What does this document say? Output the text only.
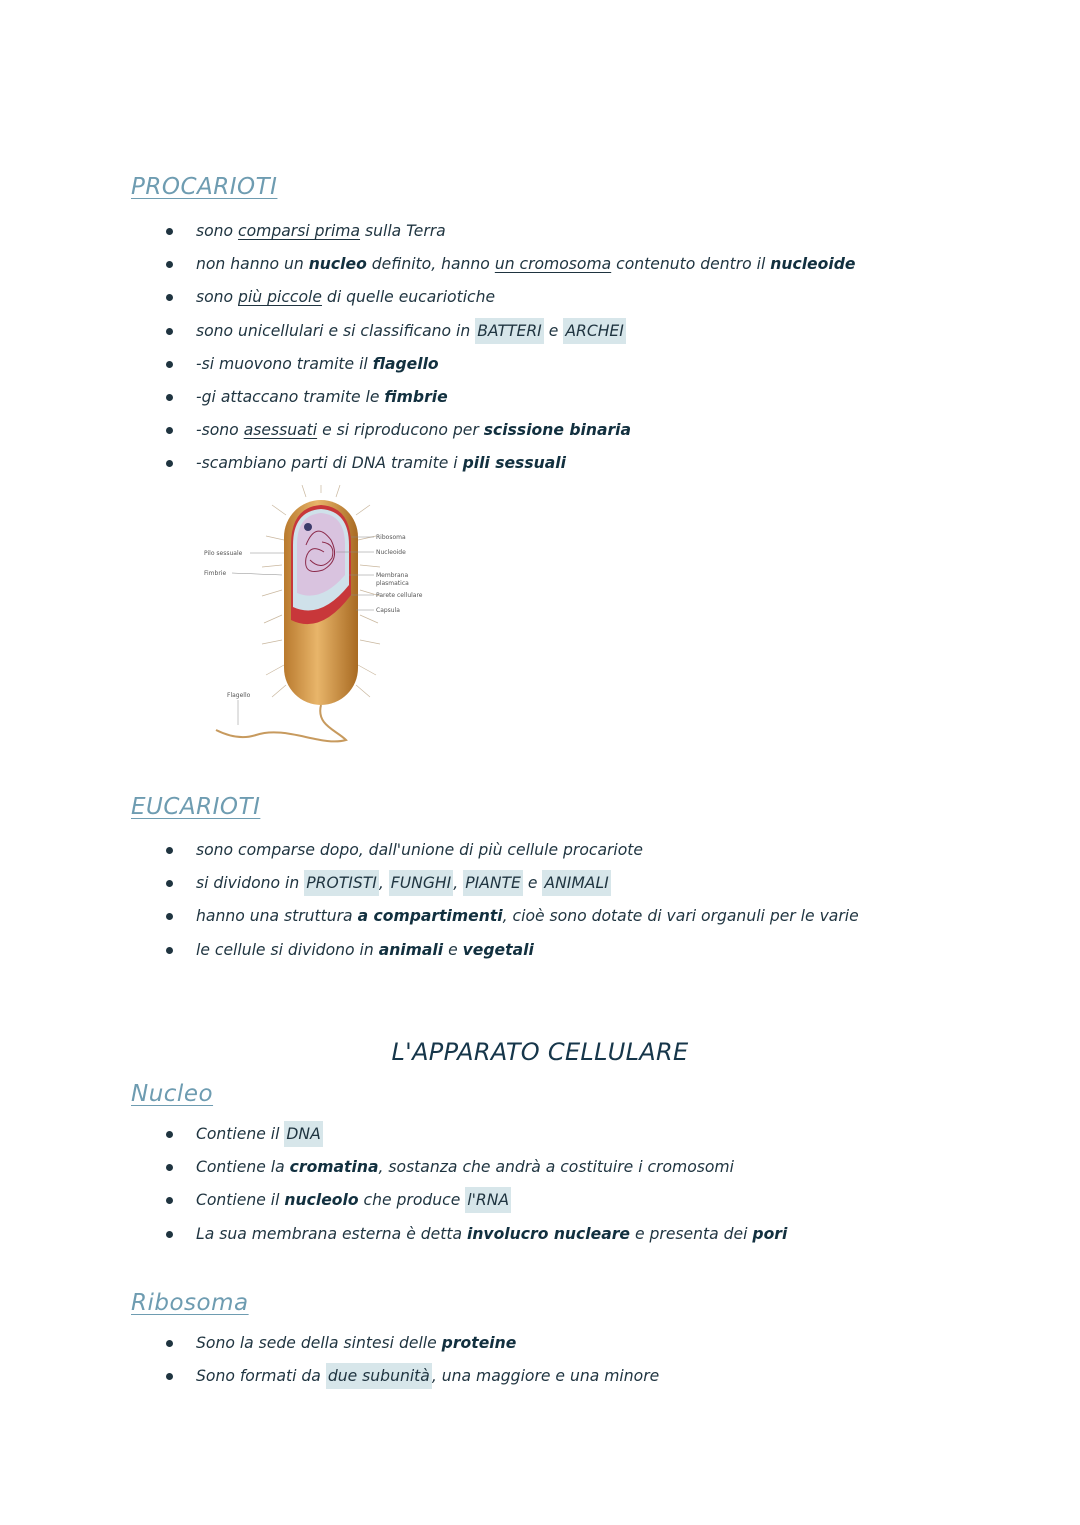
PROCARIOTI
sono comparsi prima sulla Terra
non hanno un nucleo definito, hanno un cromosoma contenuto dentro il nucleoide
sono più piccole di quelle eucariotiche
sono unicellulari e si classificano in BATTERI e ARCHEI
-si muovono tramite il flagello
-gi attaccano tramite le fimbrie
-sono asessuati e si riproducono per scissione binaria
-scambiano parti di DNA tramite i pili sessuali
Pilo sessuale
Fimbrie
Ribosoma
Nucleoide
Membrana
plasmatica
Parete cellulare
Capsula
Flagello
EUCARIOTI
sono comparse dopo, dall'unione di più cellule procariote
si dividono in PROTISTI , FUNGHI , PIANTE e ANIMALI
hanno una struttura a compartimenti, cioè sono dotate di vari organuli per le varie
le cellule si dividono in animali e vegetali
L'APPARATO CELLULARE
Nucleo
Contiene il DNA
Contiene la cromatina, sostanza che andrà a costituire i cromosomi
Contiene il nucleolo che produce l'RNA
La sua membrana esterna è detta involucro nucleare e presenta dei pori
Ribosoma
Sono la sede della sintesi delle proteine
Sono formati da due subunità , una maggiore e una minore
